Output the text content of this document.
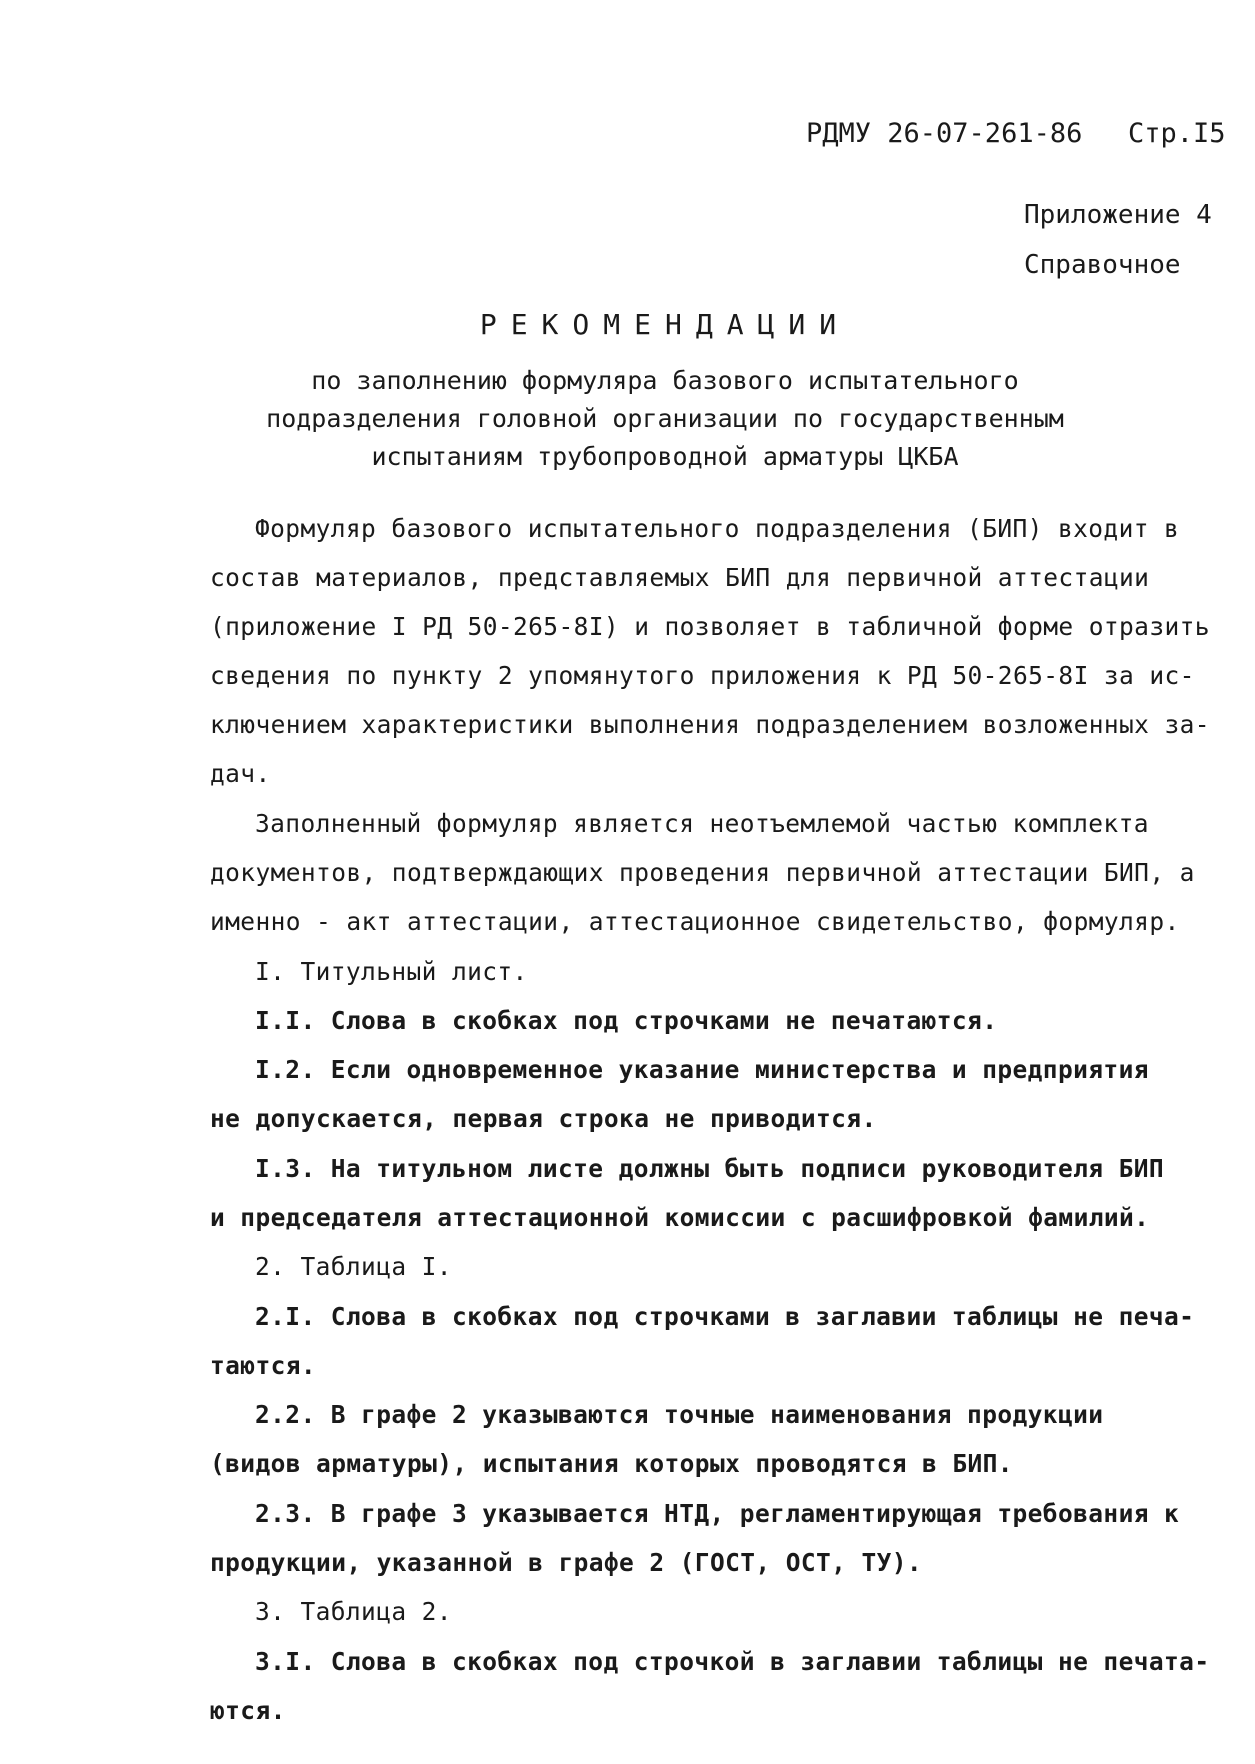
РДМУ 26-07-261-86 Стр.I5
Приложение 4
Справочное
РЕКОМЕНДАЦИИ
по заполнению формуляра базового испытательного
подразделения головной организации по государственным
испытаниям трубопроводной арматуры ЦКБА
Формуляр базового испытательного подразделения (БИП) входит в
состав материалов, представляемых БИП для первичной аттестации
(приложение I РД 50-265-8I) и позволяет в табличной форме отразить
сведения по пункту 2 упомянутого приложения к РД 50-265-8I за ис-
ключением характеристики выполнения подразделением возложенных за-
дач.
Заполненный формуляр является неотъемлемой частью комплекта
документов, подтверждающих проведения первичной аттестации БИП, а
именно - акт аттестации, аттестационное свидетельство, формуляр.
I. Титульный лист.
I.I. Слова в скобках под строчками не печатаются.
I.2. Если одновременное указание министерства и предприятия
не допускается, первая строка не приводится.
I.3. На титульном листе должны быть подписи руководителя БИП
и председателя аттестационной комиссии с расшифровкой фамилий.
2. Таблица I.
2.I. Слова в скобках под строчками в заглавии таблицы не печа-
таются.
2.2. В графе 2 указываются точные наименования продукции
(видов арматуры), испытания которых проводятся в БИП.
2.3. В графе 3 указывается НТД, регламентирующая требования к
продукции, указанной в графе 2 (ГОСТ, ОСТ, ТУ).
3. Таблица 2.
3.I. Слова в скобках под строчкой в заглавии таблицы не печата-
ются.
